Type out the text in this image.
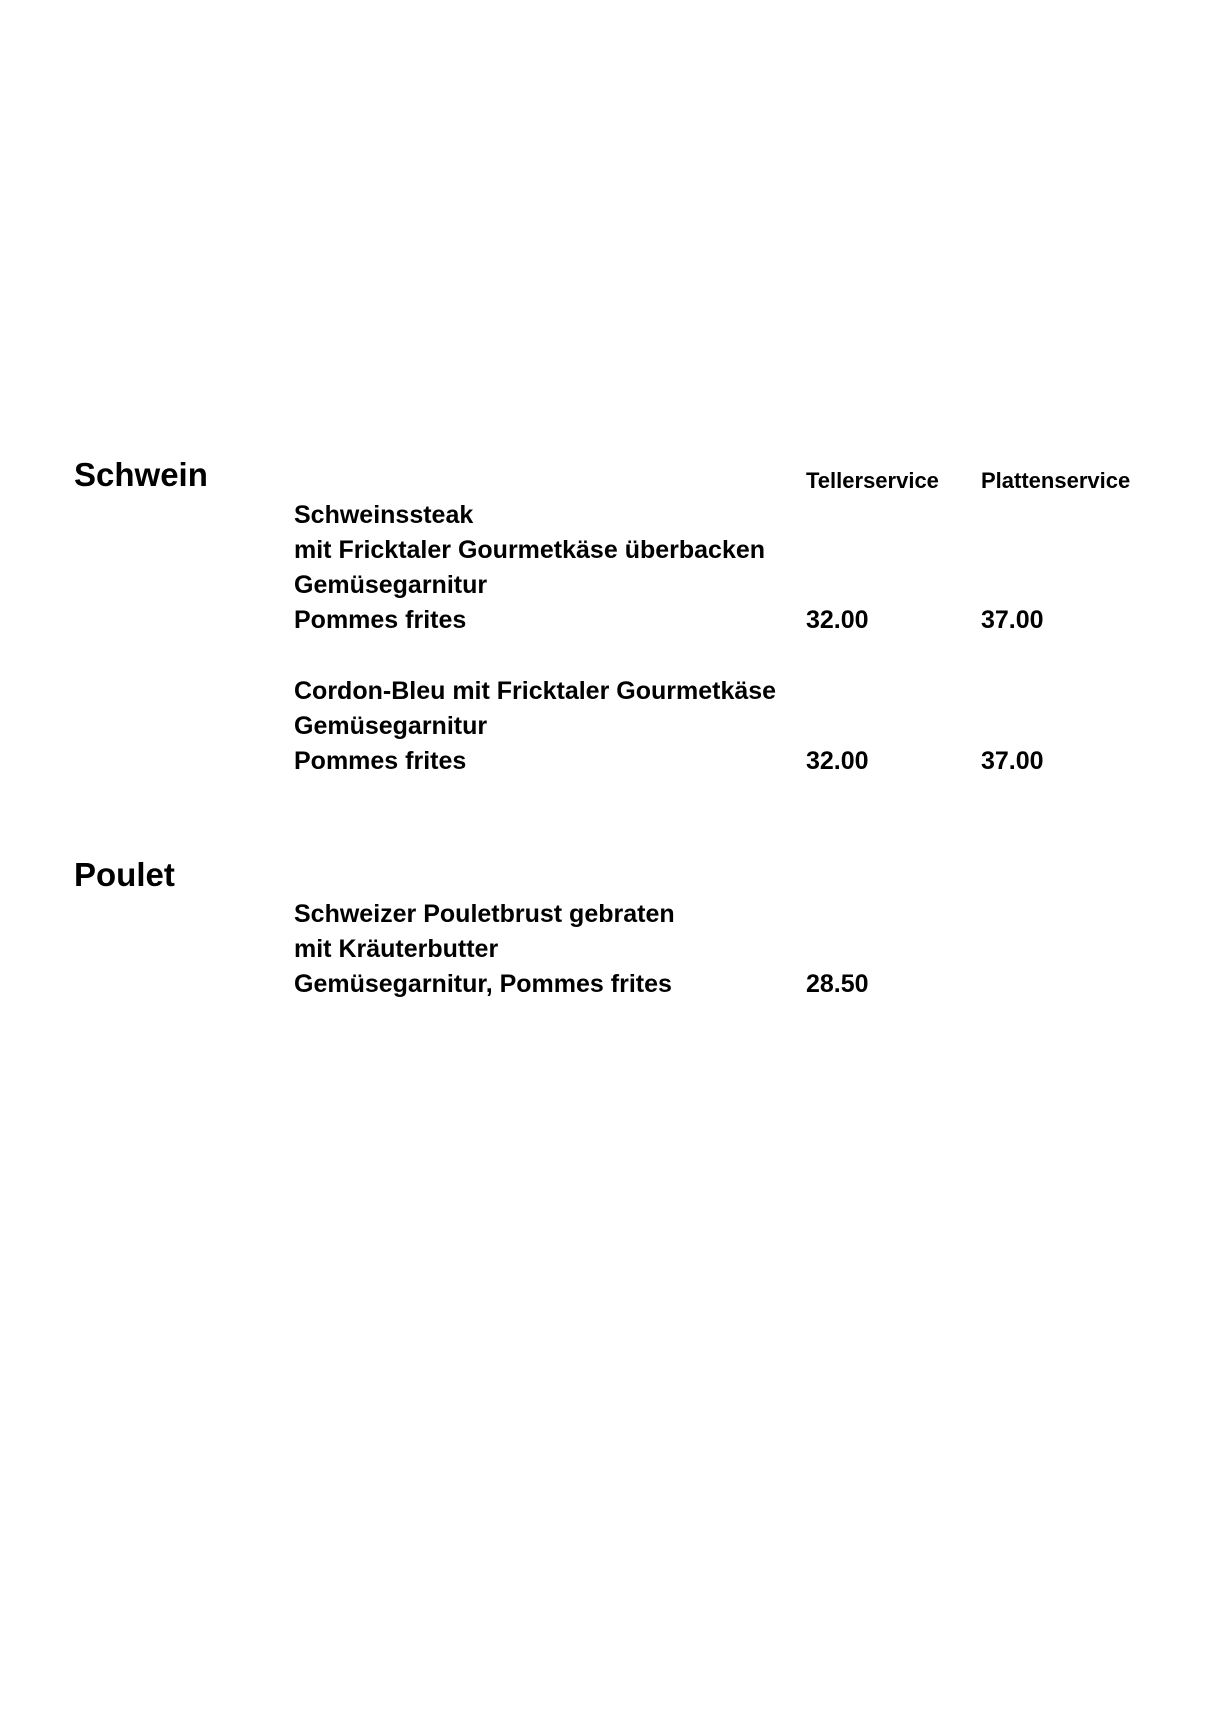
Schwein	Tellerservice Plattenservice
Schweinssteak
mit Fricktaler Gourmetkäse überbacken
Gemüsegarnitur
Pommes frites	32.00	37.00
Cordon-Bleu mit Fricktaler Gourmetkäse
Gemüsegarnitur
Pommes frites	32.00	37.00
Poulet
Schweizer Pouletbrust gebraten
mit Kräuterbutter
Gemüsegarnitur, Pommes frites	28.50
